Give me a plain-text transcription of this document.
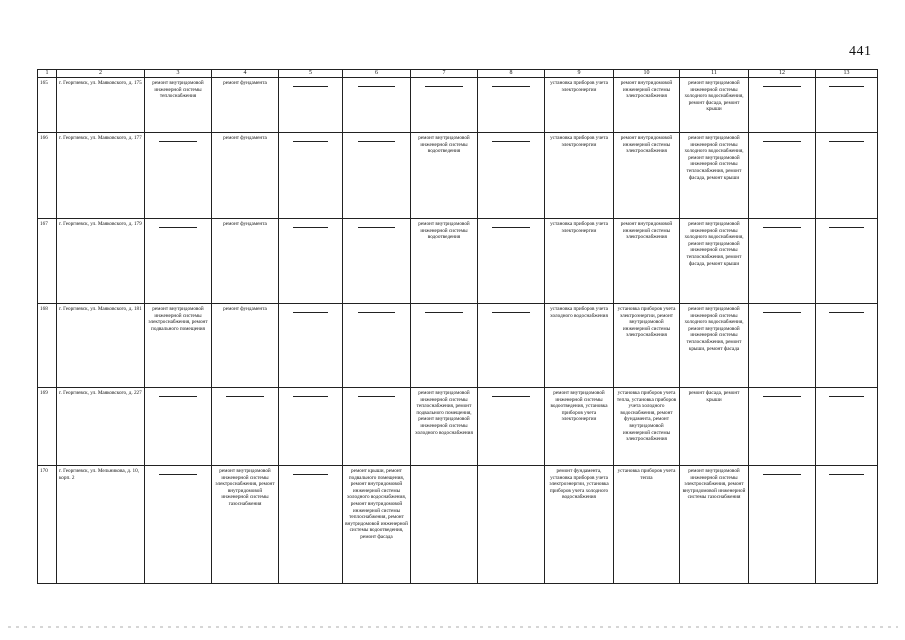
441
1	2	3	4	5	6	7	8	9	10	11	12	13
165	г. Георгиевск, ул. Маяковского, д. 175	ремонт внутридомовой инженерной системы теплоснабжения	ремонт фундамента					установка приборов учета электроэнергии	ремонт внутридомовой инженерной системы электроснабжения	ремонт внутридомовой инженерной системы холодного водоснабжения, ремонт фасада, ремонт крыши	

166	г. Георгиевск, ул. Маяковского, д. 177		ремонт фундамента			ремонт внутридомовой инженерной системы водоотведения		установка приборов учета электроэнергии	ремонт внутридомовой инженерной системы электроснабжения	ремонт внутридомовой инженерной системы холодного водоснабжения, ремонт внутридомовой инженерной системы теплоснабжения, ремонт фасада, ремонт крыши	

167	г. Георгиевск, ул. Маяковского, д. 179		ремонт фундамента			ремонт внутридомовой инженерной системы водоотведения		установка приборов учета электроэнергии	ремонт внутридомовой инженерной системы электроснабжения	ремонт внутридомовой инженерной системы холодного водоснабжения, ремонт внутридомовой инженерной системы теплоснабжения, ремонт фасада, ремонт крыши	

168	г. Георгиевск, ул. Маяковского, д. 181	ремонт внутридомовой инженерной системы электроснабжения, ремонт подвального помещения	ремонт фундамента					установка приборов учета холодного водоснабжения	установка приборов учета электроэнергии, ремонт внутридомовой инженерной системы электроснабжения	ремонт внутридомовой инженерной системы холодного водоснабжения, ремонт внутридомовой инженерной системы теплоснабжения, ремонт крыши, ремонт фасада	

169	г. Георгиевск, ул. Маяковского, д. 227					ремонт внутридомовой инженерной системы теплоснабжения, ремонт подвального помещения, ремонт внутридомовой инженерной системы холодного водоснабжения		ремонт внутридомовой инженерной системы водоотведения, установка приборов учета электроэнергии	установка приборов учета тепла, установка приборов учета холодного водоснабжения, ремонт фундамента, ремонт внутридомовой инженерной системы электроснабжения	ремонт фасада, ремонт крыши	

170	г. Георгиевск, ул. Мельникова, д. 10, корп. 2		ремонт внутридомовой инженерной системы электроснабжения, ремонт внутридомовой инженерной системы газоснабжения		ремонт крыши, ремонт подвального помещения, ремонт внутридомовой инженерной системы холодного водоснабжения, ремонт внутридомовой инженерной системы теплоснабжения, ремонт внутридомовой инженерной системы водоотведения, ремонт фасада			ремонт фундамента, установка приборов учета электроэнергии, установка приборов учета холодного водоснабжения	установка приборов учета тепла	ремонт внутридомовой инженерной системы электроснабжения, ремонт внутридомовой инженерной системы газоснабжения	
